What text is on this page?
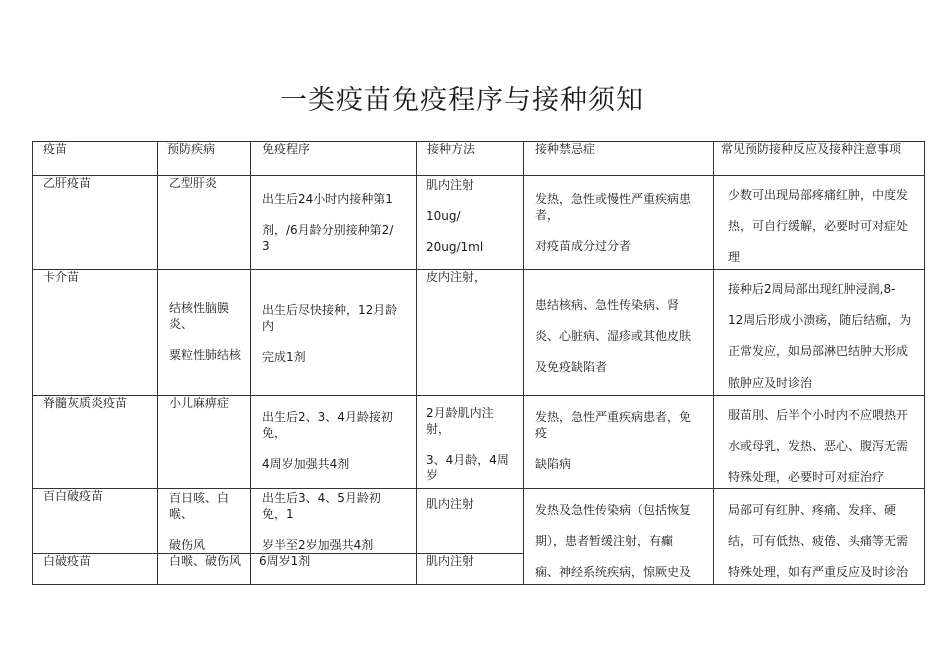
一类疫苗免疫程序与接种须知
疫苗	预防疾病	免疫程序	接种方法	接种禁忌症	常见预防接种反应及接种注意事项

乙肝疫苗	乙型肝炎	出生后24小时内接种第1

剂，/6月龄分别接种第2/
3	肌内注射

10ug/

20ug/1ml	发热，急性或慢性严重疾病患
者，

对疫苗成分过分者	少数可出现局部疼痛红肿，中度发

热，可自行缓解，必要时可对症处

理

卡介苗	结核性脑膜
炎、

粟粒性肺结核	出生后尽快接种，12月龄
内

完成1剂	皮内注射，	患结核病、急性传染病、肾

炎、心脏病、湿疹或其他皮肤

及免疫缺陷者	接种后2周局部出现红肿浸润,8-

12周后形成小溃疡，随后结痂，为

正常发应，如局部淋巴结肿大形成

脓肿应及时诊治

脊髓灰质炎疫苗	小儿麻痹症	出生后2、3、4月龄接初
免，

4周岁加强共4剂	2月龄肌内注
射，

3、4月龄，4周
岁	发热，急性严重疾病患者，免
疫

缺陷病	服苗刖、后半个小时内不应喂热开

水或母乳，发热、恶心、腹泻无需

特殊处理，必要时可对症治疗

百白破疫苗	百日咳、白
喉、

破伤风	出生后3、4、5月龄初
免，1

岁半至2岁加强共4剂	肌内注射	发热及急性传染病（包括恢复

期），患者暂缓注射，有癫

痫、神经系统疾病，惊厥史及	局部可有红肿、疼痛、发痒、硬

结，可有低热、疲倦、头痛等无需

特殊处理，如有严重反应及时诊治

白破疫苗	白喉、破伤风	6周岁1剂	肌内注射		
